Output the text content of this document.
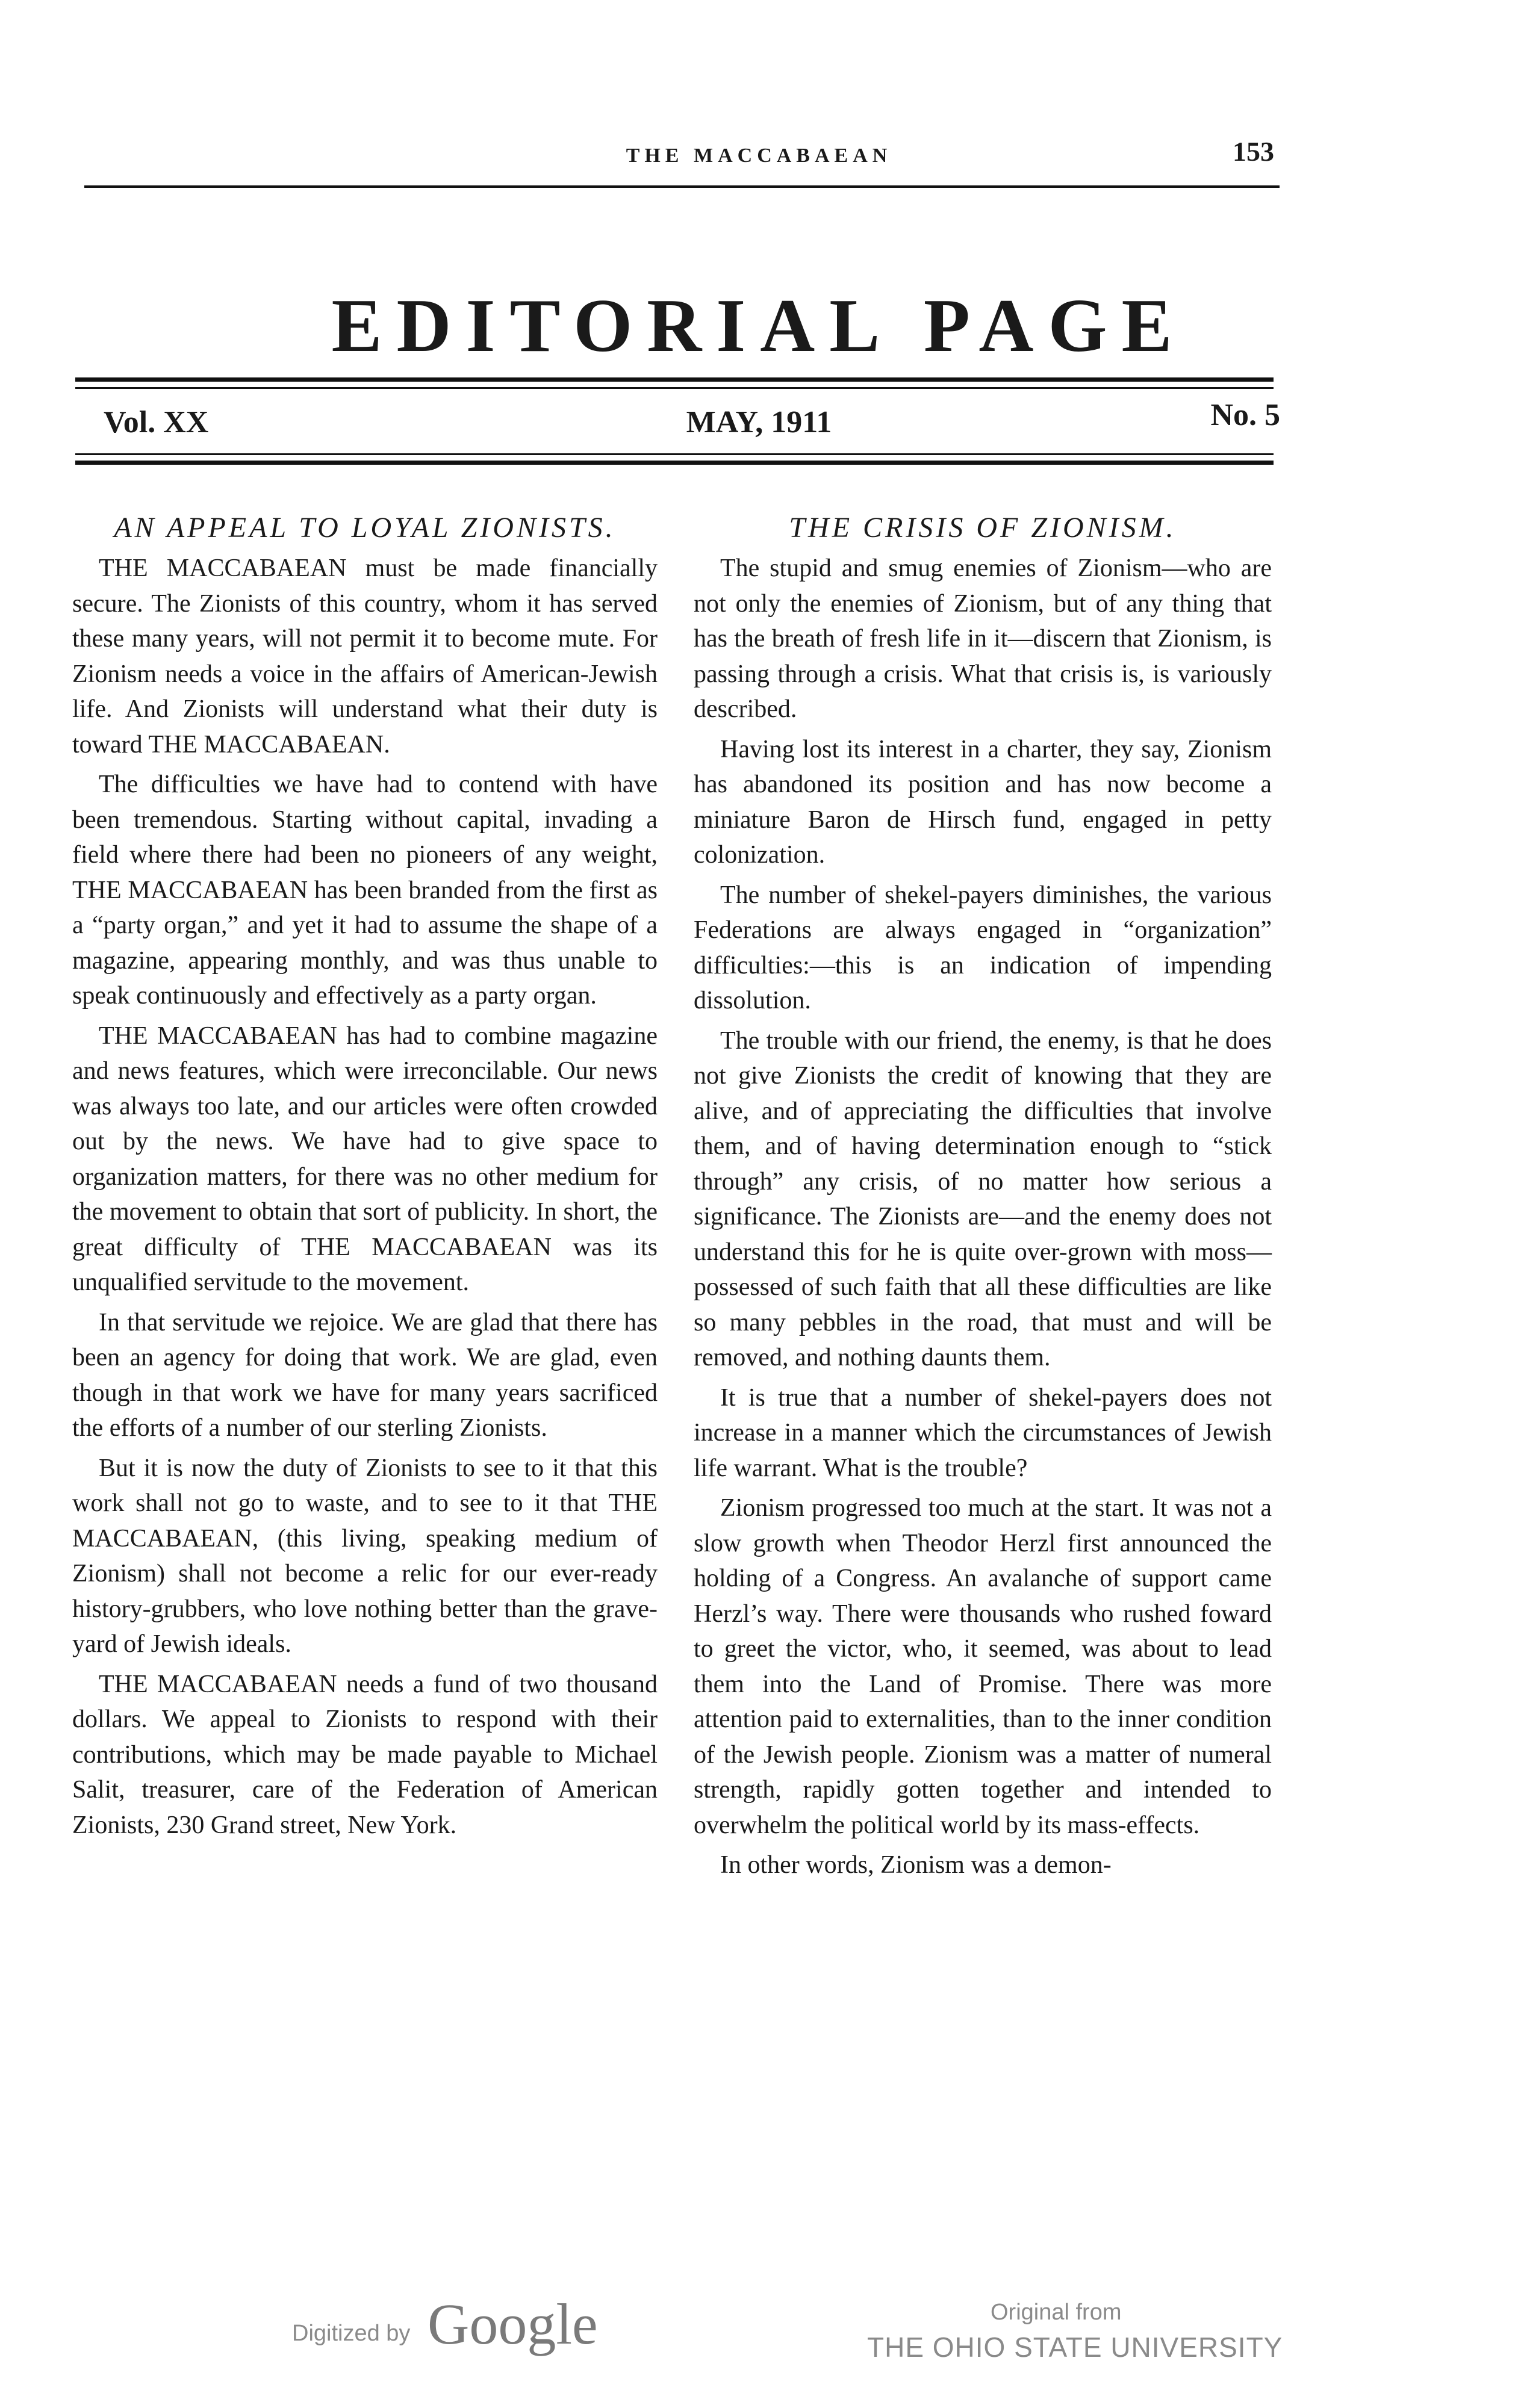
THE MACCABAEAN	153
EDITORIAL PAGE
Vol. XX	MAY, 1911	No. 5
AN APPEAL TO LOYAL ZIONISTS.

THE MACCABAEAN must be made financially secure. The Zionists of this country, whom it has served these many years, will not permit it to become mute. For Zionism needs a voice in the affairs of American-Jewish life. And Zionists will understand what their duty is toward THE MACCABAEAN.

The difficulties we have had to contend with have been tremendous. Starting without capital, invading a field where there had been no pioneers of any weight, THE MACCABAEAN has been branded from the first as a “party organ,” and yet it had to assume the shape of a magazine, appearing monthly, and was thus unable to speak continuously and effectively as a party organ.

THE MACCABAEAN has had to combine magazine and news features, which were irreconcilable. Our news was always too late, and our articles were often crowded out by the news. We have had to give space to organization matters, for there was no other medium for the movement to obtain that sort of publicity. In short, the great difficulty of THE MACCABAEAN was its unqualified servitude to the movement.

In that servitude we rejoice. We are glad that there has been an agency for doing that work. We are glad, even though in that work we have for many years sacrificed the efforts of a number of our sterling Zionists.

But it is now the duty of Zionists to see to it that this work shall not go to waste, and to see to it that THE MACCABAEAN, (this living, speaking medium of Zionism) shall not become a relic for our ever-ready history-grubbers, who love nothing better than the grave-yard of Jewish ideals.

THE MACCABAEAN needs a fund of two thousand dollars. We appeal to Zionists to respond with their contributions, which may be made payable to Michael Salit, treasurer, care of the Federation of American Zionists, 230 Grand street, New York.

THE CRISIS OF ZIONISM.

The stupid and smug enemies of Zionism—who are not only the enemies of Zionism, but of any thing that has the breath of fresh life in it—discern that Zionism, is passing through a crisis. What that crisis is, is variously described.

Having lost its interest in a charter, they say, Zionism has abandoned its position and has now become a miniature Baron de Hirsch fund, engaged in petty colonization.

The number of shekel-payers diminishes, the various Federations are always engaged in “organization” difficulties:—this is an indication of impending dissolution.

The trouble with our friend, the enemy, is that he does not give Zionists the credit of knowing that they are alive, and of appreciating the difficulties that involve them, and of having determination enough to “stick through” any crisis, of no matter how serious a significance. The Zionists are—and the enemy does not understand this for he is quite over-grown with moss—possessed of such faith that all these difficulties are like so many pebbles in the road, that must and will be removed, and nothing daunts them.

It is true that a number of shekel-payers does not increase in a manner which the circumstances of Jewish life warrant. What is the trouble?

Zionism progressed too much at the start. It was not a slow growth when Theodor Herzl first announced the holding of a Congress. An avalanche of support came Herzl’s way. There were thousands who rushed foward to greet the victor, who, it seemed, was about to lead them into the Land of Promise. There was more attention paid to externalities, than to the inner condition of the Jewish people. Zionism was a matter of numeral strength, rapidly gotten together and intended to overwhelm the political world by its mass-effects.

In other words, Zionism was a demon-

Digitized by Google	Original from
THE OHIO STATE UNIVERSITY
